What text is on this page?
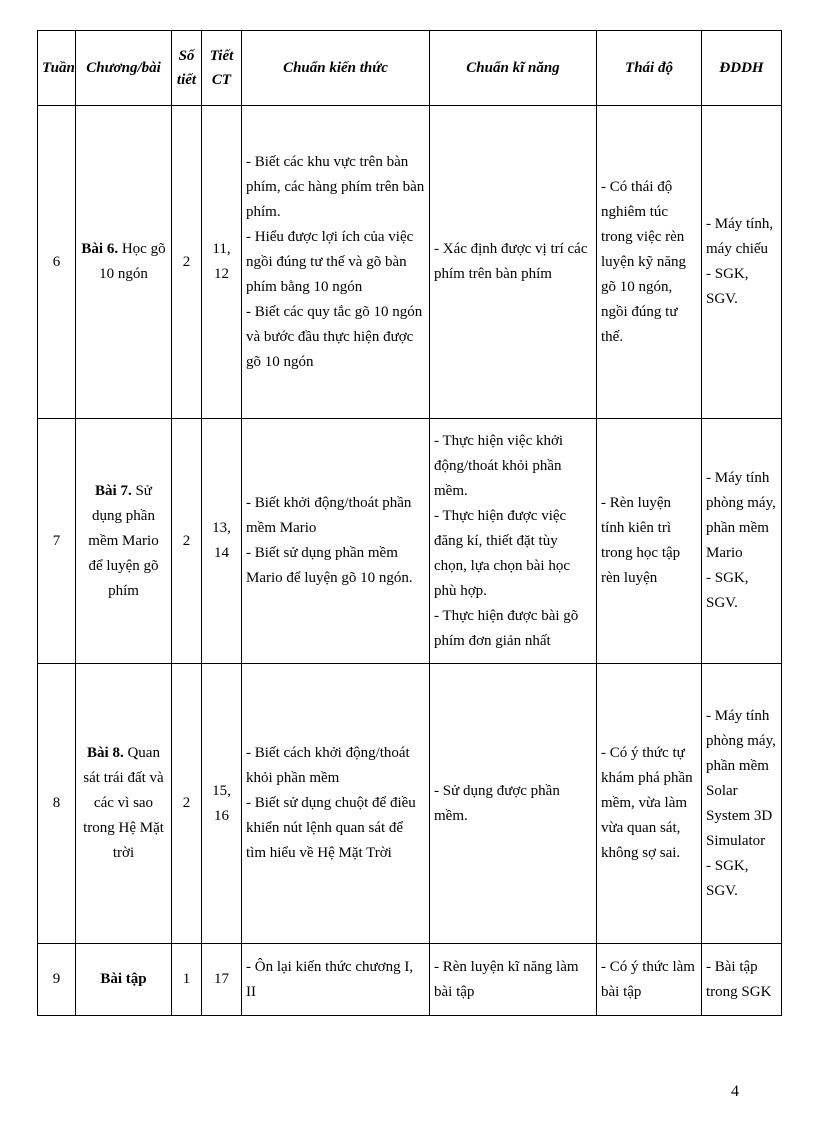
Tuần	Chương/bài	Số
tiết	Tiết
CT	Chuẩn kiến thức	Chuẩn kĩ năng	Thái độ	ĐDDH
6	Bài 6. Học gõ 10 ngón	2	11, 12	- Biết các khu vực trên bàn phím, các hàng phím trên bàn phím.
- Hiểu được lợi ích của việc ngồi đúng tư thế và gõ bàn phím bằng 10 ngón
- Biết các quy tắc gõ 10 ngón và bước đầu thực hiện được gõ 10 ngón	- Xác định được vị trí các phím trên bàn phím	- Có thái độ nghiêm túc trong việc rèn luyện kỹ năng gõ 10 ngón, ngồi đúng tư thế.	- Máy tính, máy chiếu
- SGK, SGV.

7	Bài 7. Sử dụng phần mềm Mario để luyện gõ phím	2	13, 14	- Biết khởi động/thoát phần mềm Mario
- Biết sử dụng phần mềm Mario để luyện gõ 10 ngón.	- Thực hiện việc khởi động/thoát khỏi phần mềm.
- Thực hiện được việc đăng kí, thiết đặt tùy chọn, lựa chọn bài học phù hợp.
- Thực hiện được bài gõ phím đơn giản nhất	- Rèn luyện tính kiên trì trong học tập rèn luyện	- Máy tính phòng máy, phần mềm Mario
- SGK, SGV.

8	Bài 8. Quan sát trái đất và các vì sao trong Hệ Mặt trời	2	15, 16	- Biết cách khởi động/thoát khỏi phần mềm
- Biết sử dụng chuột để điều khiển nút lệnh quan sát để tìm hiểu về Hệ Mặt Trời	- Sử dụng được phần mềm.	- Có ý thức tự khám phá phần mềm, vừa làm vừa quan sát, không sợ sai.	- Máy tính phòng máy, phần mềm Solar System 3D Simulator
- SGK, SGV.

9	Bài tập	1	17	- Ôn lại kiến thức chương I, II	- Rèn luyện kĩ năng làm bài tập	- Có ý thức làm bài tập	- Bài tập trong SGK
4
